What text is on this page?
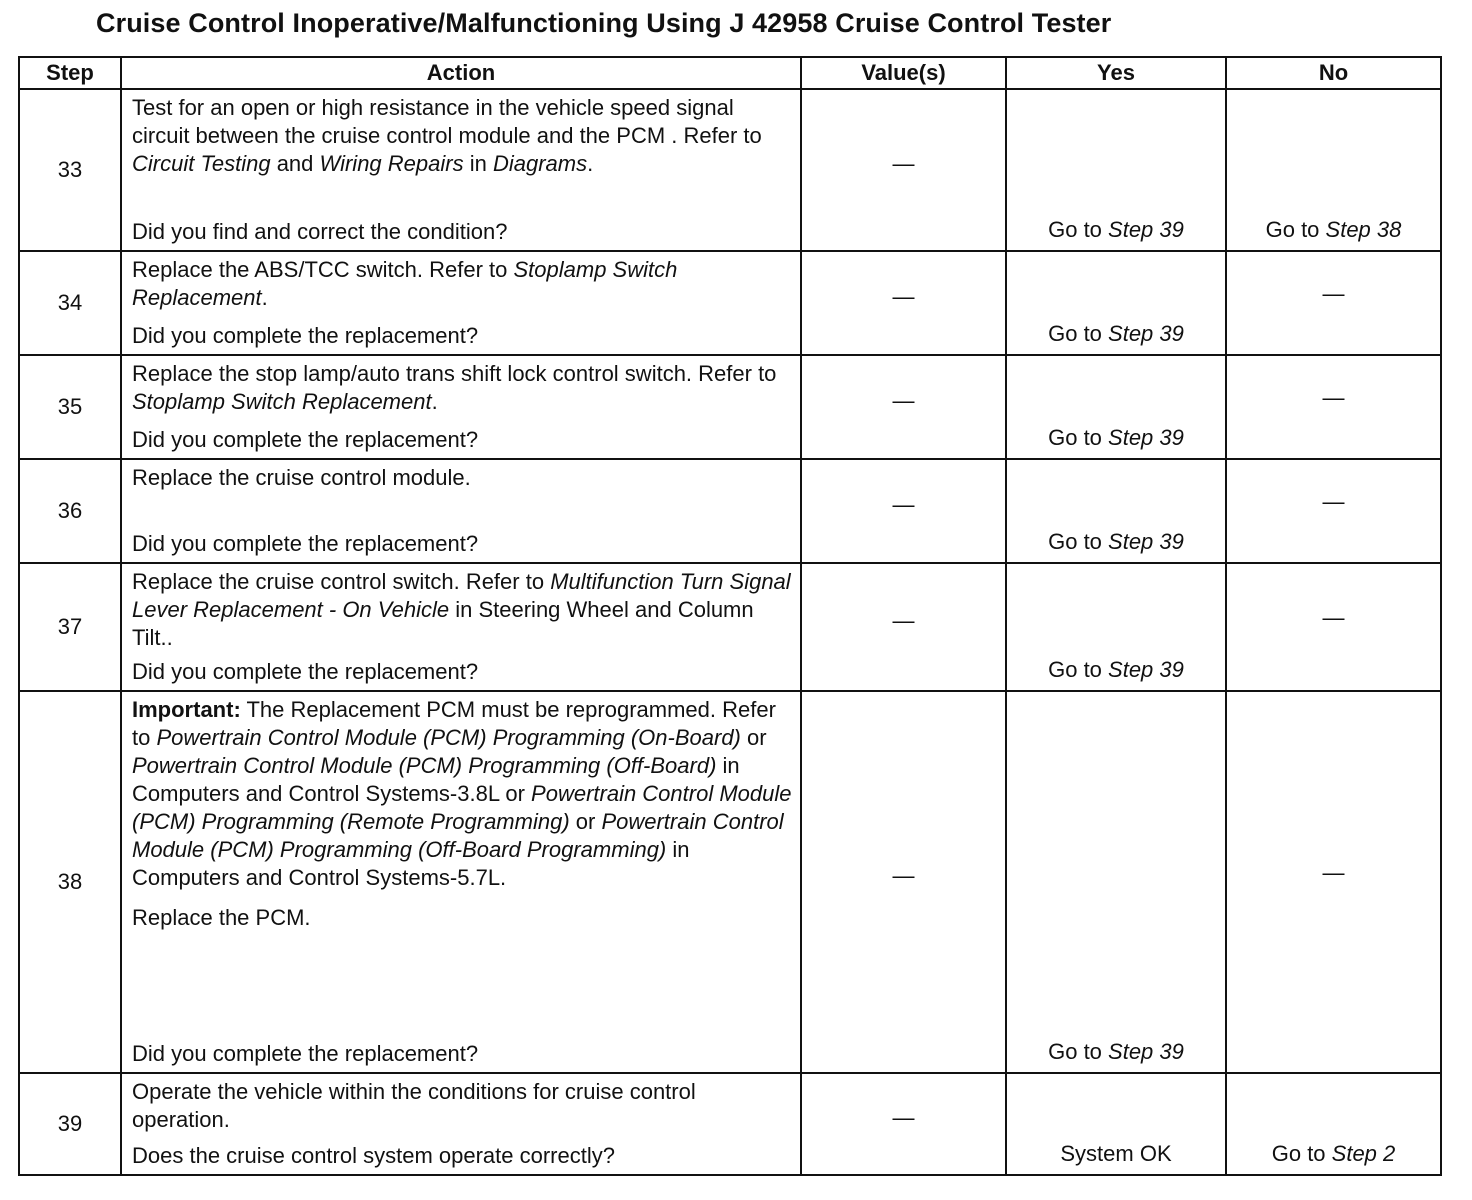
Cruise Control Inoperative/Malfunctioning Using J 42958 Cruise Control Tester
Step	Action	Value(s)	Yes	No
33	Test for an open or high resistance in the vehicle speed signal circuit between the cruise control module and the PCM . Refer to Circuit Testing and Wiring Repairs in Diagrams.

Did you find and correct the condition?	—	Go to Step 39	Go to Step 38
34	Replace the ABS/TCC switch. Refer to Stoplamp Switch Replacement.

Did you complete the replacement?	—	Go to Step 39	—
35	Replace the stop lamp/auto trans shift lock control switch. Refer to Stoplamp Switch Replacement.

Did you complete the replacement?	—	Go to Step 39	—
36	Replace the cruise control module.

Did you complete the replacement?	—	Go to Step 39	—
37	Replace the cruise control switch. Refer to Multifunction Turn Signal Lever Replacement - On Vehicle in Steering Wheel and Column Tilt..

Did you complete the replacement?	—	Go to Step 39	—
38	Important: The Replacement PCM must be reprogrammed. Refer to Powertrain Control Module (PCM) Programming (On-Board) or Powertrain Control Module (PCM) Programming (Off-Board) in Computers and Control Systems-3.8L or Powertrain Control Module (PCM) Programming (Remote Programming) or Powertrain Control Module (PCM) Programming (Off-Board Programming) in Computers and Control Systems-5.7L.

Replace the PCM.

Did you complete the replacement?	—	Go to Step 39	—
39	Operate the vehicle within the conditions for cruise control operation.

Does the cruise control system operate correctly?	—	System OK	Go to Step 2
